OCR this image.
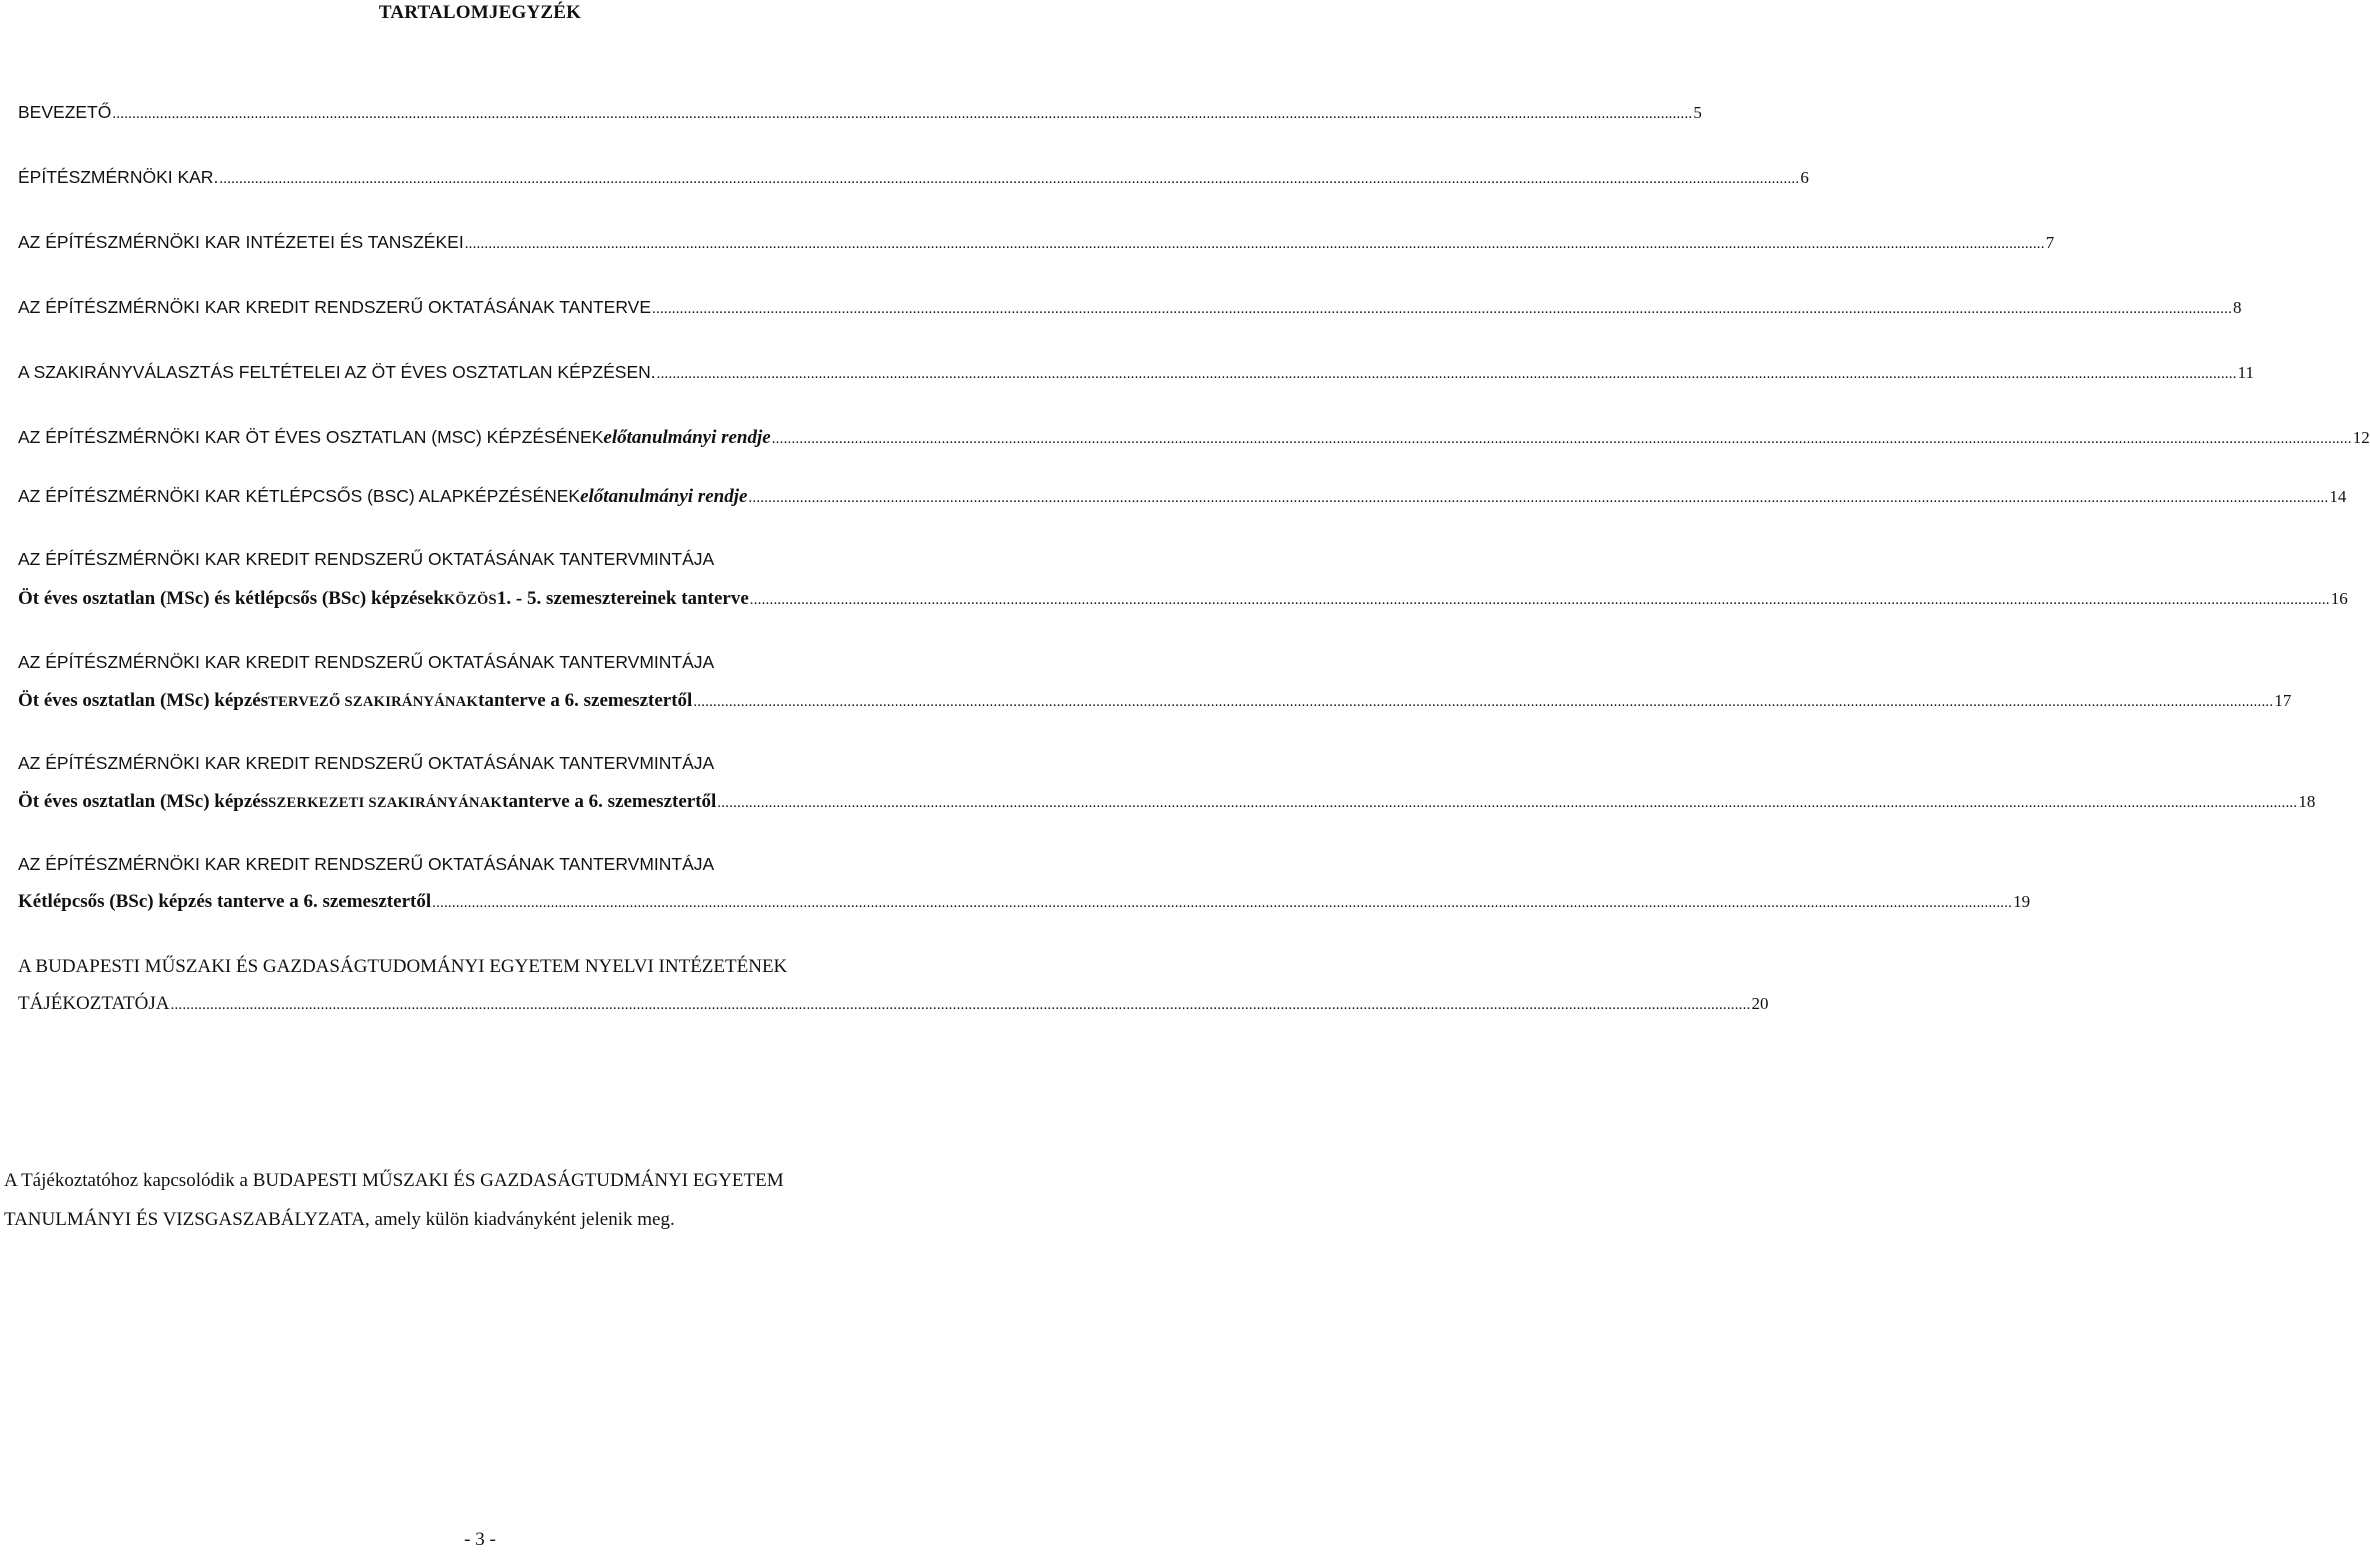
TARTALOMJEGYZÉK
BEVEZETŐ ................................................................................................................................................................................................................................................................................................................................................................................................................ 5
ÉPÍTÉSZMÉRNÖKI KAR. ................................................................................................................................................................................................................................................................................................................................................................................................................ 6
AZ ÉPÍTÉSZMÉRNÖKI KAR INTÉZETEI ÉS TANSZÉKEI ................................................................................................................................................................................................................................................................................................................................................................................................................ 7
AZ ÉPÍTÉSZMÉRNÖKI KAR KREDIT RENDSZERŰ OKTATÁSÁNAK TANTERVE ................................................................................................................................................................................................................................................................................................................................................................................................................ 8
A SZAKIRÁNYVÁLASZTÁS FELTÉTELEI AZ ÖT ÉVES OSZTATLAN KÉPZÉSEN. ................................................................................................................................................................................................................................................................................................................................................................................................................ 11
AZ ÉPÍTÉSZMÉRNÖKI KAR ÖT ÉVES OSZTATLAN (MSC) KÉPZÉSÉNEK előtanulmányi rendje ................................................................................................................................................................................................................................................................................................................................................................................................................ 12
AZ ÉPÍTÉSZMÉRNÖKI KAR KÉTLÉPCSŐS (BSC) ALAPKÉPZÉSÉNEK előtanulmányi rendje ................................................................................................................................................................................................................................................................................................................................................................................................................ 14
AZ ÉPÍTÉSZMÉRNÖKI KAR KREDIT RENDSZERŰ OKTATÁSÁNAK TANTERVMINTÁJA
Öt éves osztatlan (MSc) és kétlépcsős (BSc) képzések KÖZÖS 1. - 5. szemesztereinek tanterve ................................................................................................................................................................................................................................................................................................................................................................................................................ 16
AZ ÉPÍTÉSZMÉRNÖKI KAR KREDIT RENDSZERŰ OKTATÁSÁNAK TANTERVMINTÁJA
Öt éves osztatlan (MSc) képzés TERVEZŐ SZAKIRÁNYÁNAK tanterve a 6. szemesztertől ................................................................................................................................................................................................................................................................................................................................................................................................................ 17
AZ ÉPÍTÉSZMÉRNÖKI KAR KREDIT RENDSZERŰ OKTATÁSÁNAK TANTERVMINTÁJA
Öt éves osztatlan (MSc) képzés SZERKEZETI SZAKIRÁNYÁNAK tanterve a 6. szemesztertől ................................................................................................................................................................................................................................................................................................................................................................................................................ 18
AZ ÉPÍTÉSZMÉRNÖKI KAR KREDIT RENDSZERŰ OKTATÁSÁNAK TANTERVMINTÁJA
Kétlépcsős (BSc) képzés tanterve a 6. szemesztertől ................................................................................................................................................................................................................................................................................................................................................................................................................ 19
A BUDAPESTI MŰSZAKI ÉS GAZDASÁGTUDOMÁNYI EGYETEM NYELVI INTÉZETÉNEK
TÁJÉKOZTATÓJA ................................................................................................................................................................................................................................................................................................................................................................................................................ 20
A Tájékoztatóhoz kapcsolódik a BUDAPESTI MŰSZAKI ÉS GAZDASÁGTUDMÁNYI EGYETEM
TANULMÁNYI ÉS VIZSGASZABÁLYZATA, amely külön kiadványként jelenik meg.
- 3 -
